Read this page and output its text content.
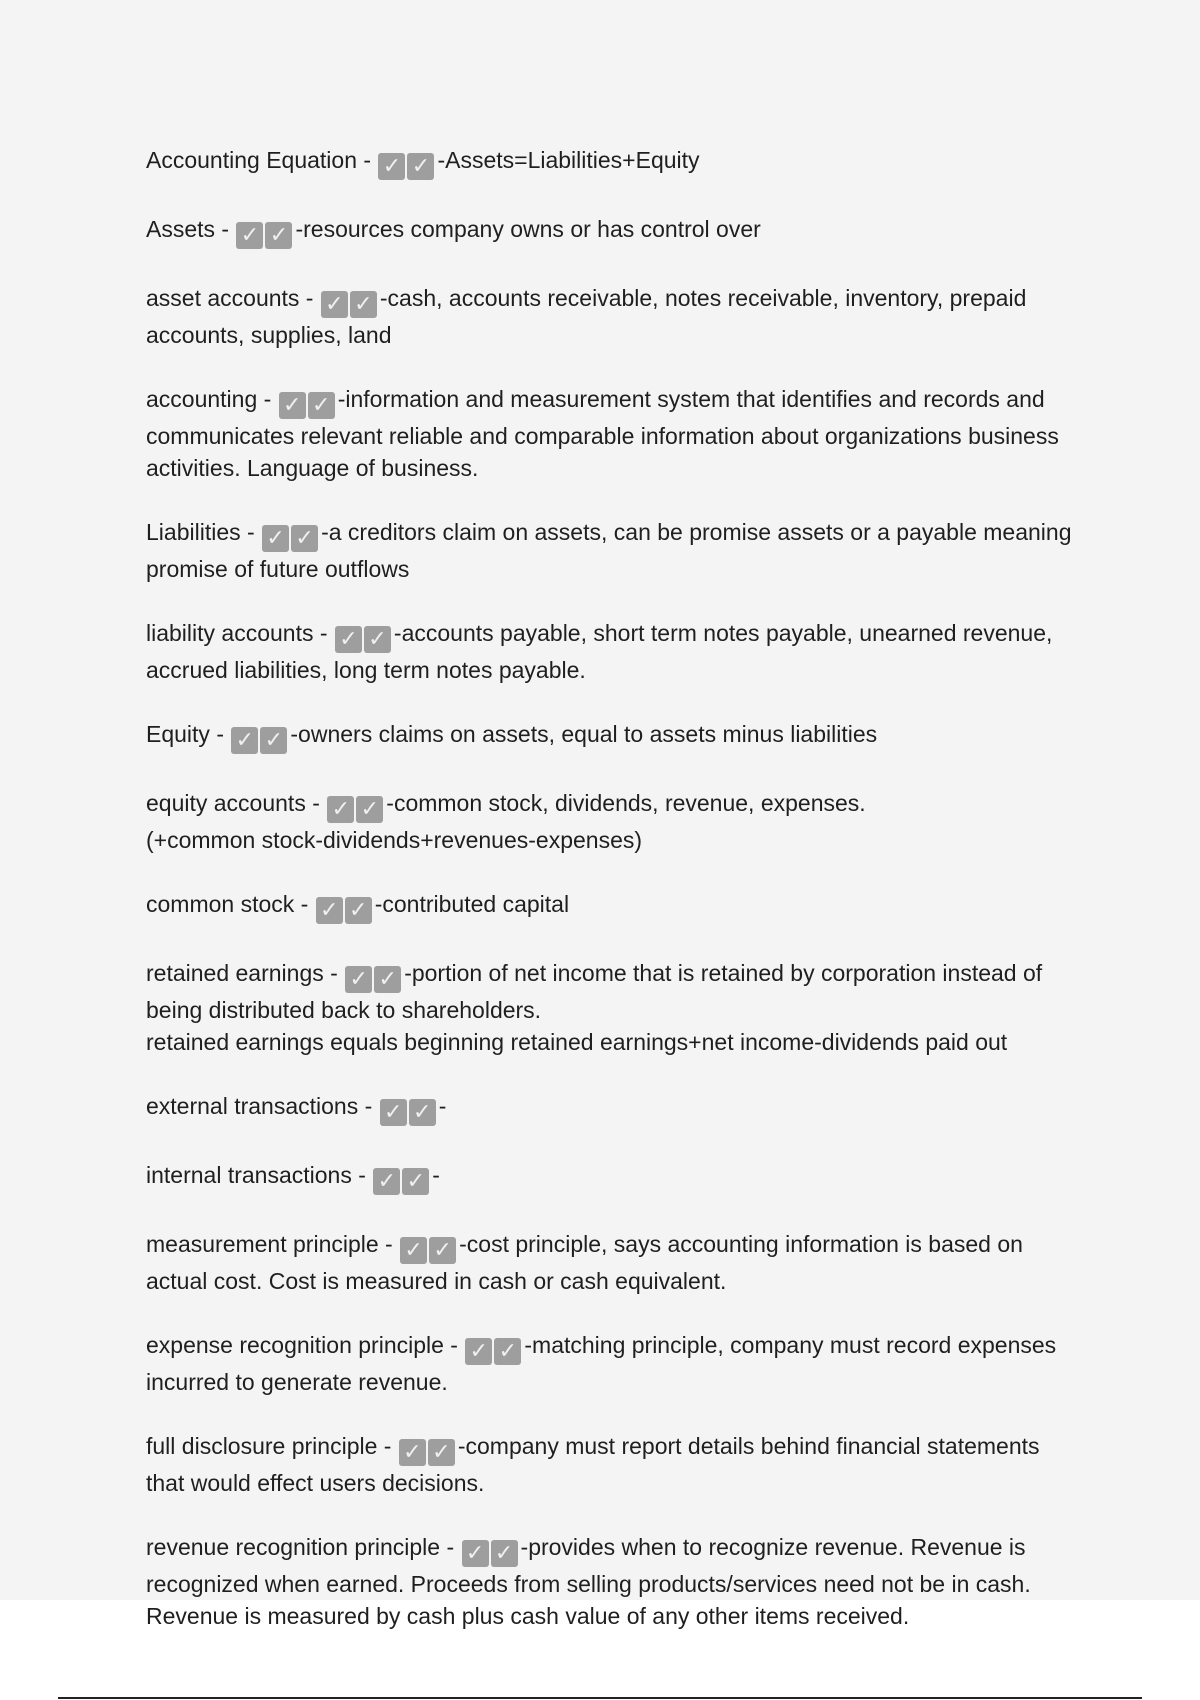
Accounting Equation - ✓ ✓ -Assets=Liabilities+Equity
Assets - ✓ ✓ -resources company owns or has control over
asset accounts - ✓ ✓ -cash, accounts receivable, notes receivable, inventory, prepaid accounts, supplies, land
accounting - ✓ ✓ -information and measurement system that identifies and records and communicates relevant reliable and comparable information about organizations business activities. Language of business.
Liabilities - ✓ ✓ -a creditors claim on assets, can be promise assets or a payable meaning promise of future outflows
liability accounts - ✓ ✓ -accounts payable, short term notes payable, unearned revenue, accrued liabilities, long term notes payable.
Equity - ✓ ✓ -owners claims on assets, equal to assets minus liabilities
equity accounts - ✓ ✓ -common stock, dividends, revenue, expenses.
(+common stock-dividends+revenues-expenses)
common stock - ✓ ✓ -contributed capital
retained earnings - ✓ ✓ -portion of net income that is retained by corporation instead of being distributed back to shareholders.
retained earnings equals beginning retained earnings+net income-dividends paid out
external transactions - ✓ ✓ -
internal transactions - ✓ ✓ -
measurement principle - ✓ ✓ -cost principle, says accounting information is based on actual cost. Cost is measured in cash or cash equivalent.
expense recognition principle - ✓ ✓ -matching principle, company must record expenses incurred to generate revenue.
full disclosure principle - ✓ ✓ -company must report details behind financial statements that would effect users decisions.
revenue recognition principle - ✓ ✓ -provides when to recognize revenue. Revenue is recognized when earned. Proceeds from selling products/services need not be in cash. Revenue is measured by cash plus cash value of any other items received.
